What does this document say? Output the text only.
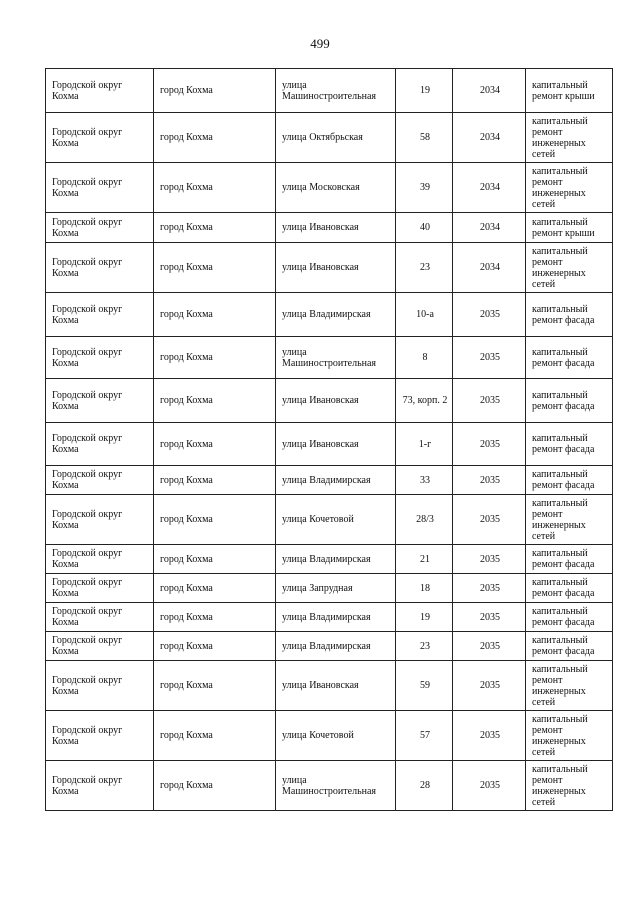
499
Городской округ Кохма	город Кохма	улица Машиностроительная	19	2034	капитальный ремонт крыши
Городской округ Кохма	город Кохма	улица Октябрьская	58	2034	капитальный ремонт инженерных сетей
Городской округ Кохма	город Кохма	улица Московская	39	2034	капитальный ремонт инженерных сетей
Городской округ Кохма	город Кохма	улица Ивановская	40	2034	капитальный ремонт крыши
Городской округ Кохма	город Кохма	улица Ивановская	23	2034	капитальный ремонт инженерных сетей
Городской округ Кохма	город Кохма	улица Владимирская	10-а	2035	капитальный ремонт фасада
Городской округ Кохма	город Кохма	улица Машиностроительная	8	2035	капитальный ремонт фасада
Городской округ Кохма	город Кохма	улица Ивановская	73, корп. 2	2035	капитальный ремонт фасада
Городской округ Кохма	город Кохма	улица Ивановская	1-г	2035	капитальный ремонт фасада
Городской округ Кохма	город Кохма	улица Владимирская	33	2035	капитальный ремонт фасада
Городской округ Кохма	город Кохма	улица Кочетовой	28/3	2035	капитальный ремонт инженерных сетей
Городской округ Кохма	город Кохма	улица Владимирская	21	2035	капитальный ремонт фасада
Городской округ Кохма	город Кохма	улица Запрудная	18	2035	капитальный ремонт фасада
Городской округ Кохма	город Кохма	улица Владимирская	19	2035	капитальный ремонт фасада
Городской округ Кохма	город Кохма	улица Владимирская	23	2035	капитальный ремонт фасада
Городской округ Кохма	город Кохма	улица Ивановская	59	2035	капитальный ремонт инженерных сетей
Городской округ Кохма	город Кохма	улица Кочетовой	57	2035	капитальный ремонт инженерных сетей
Городской округ Кохма	город Кохма	улица Машиностроительная	28	2035	капитальный ремонт инженерных сетей
